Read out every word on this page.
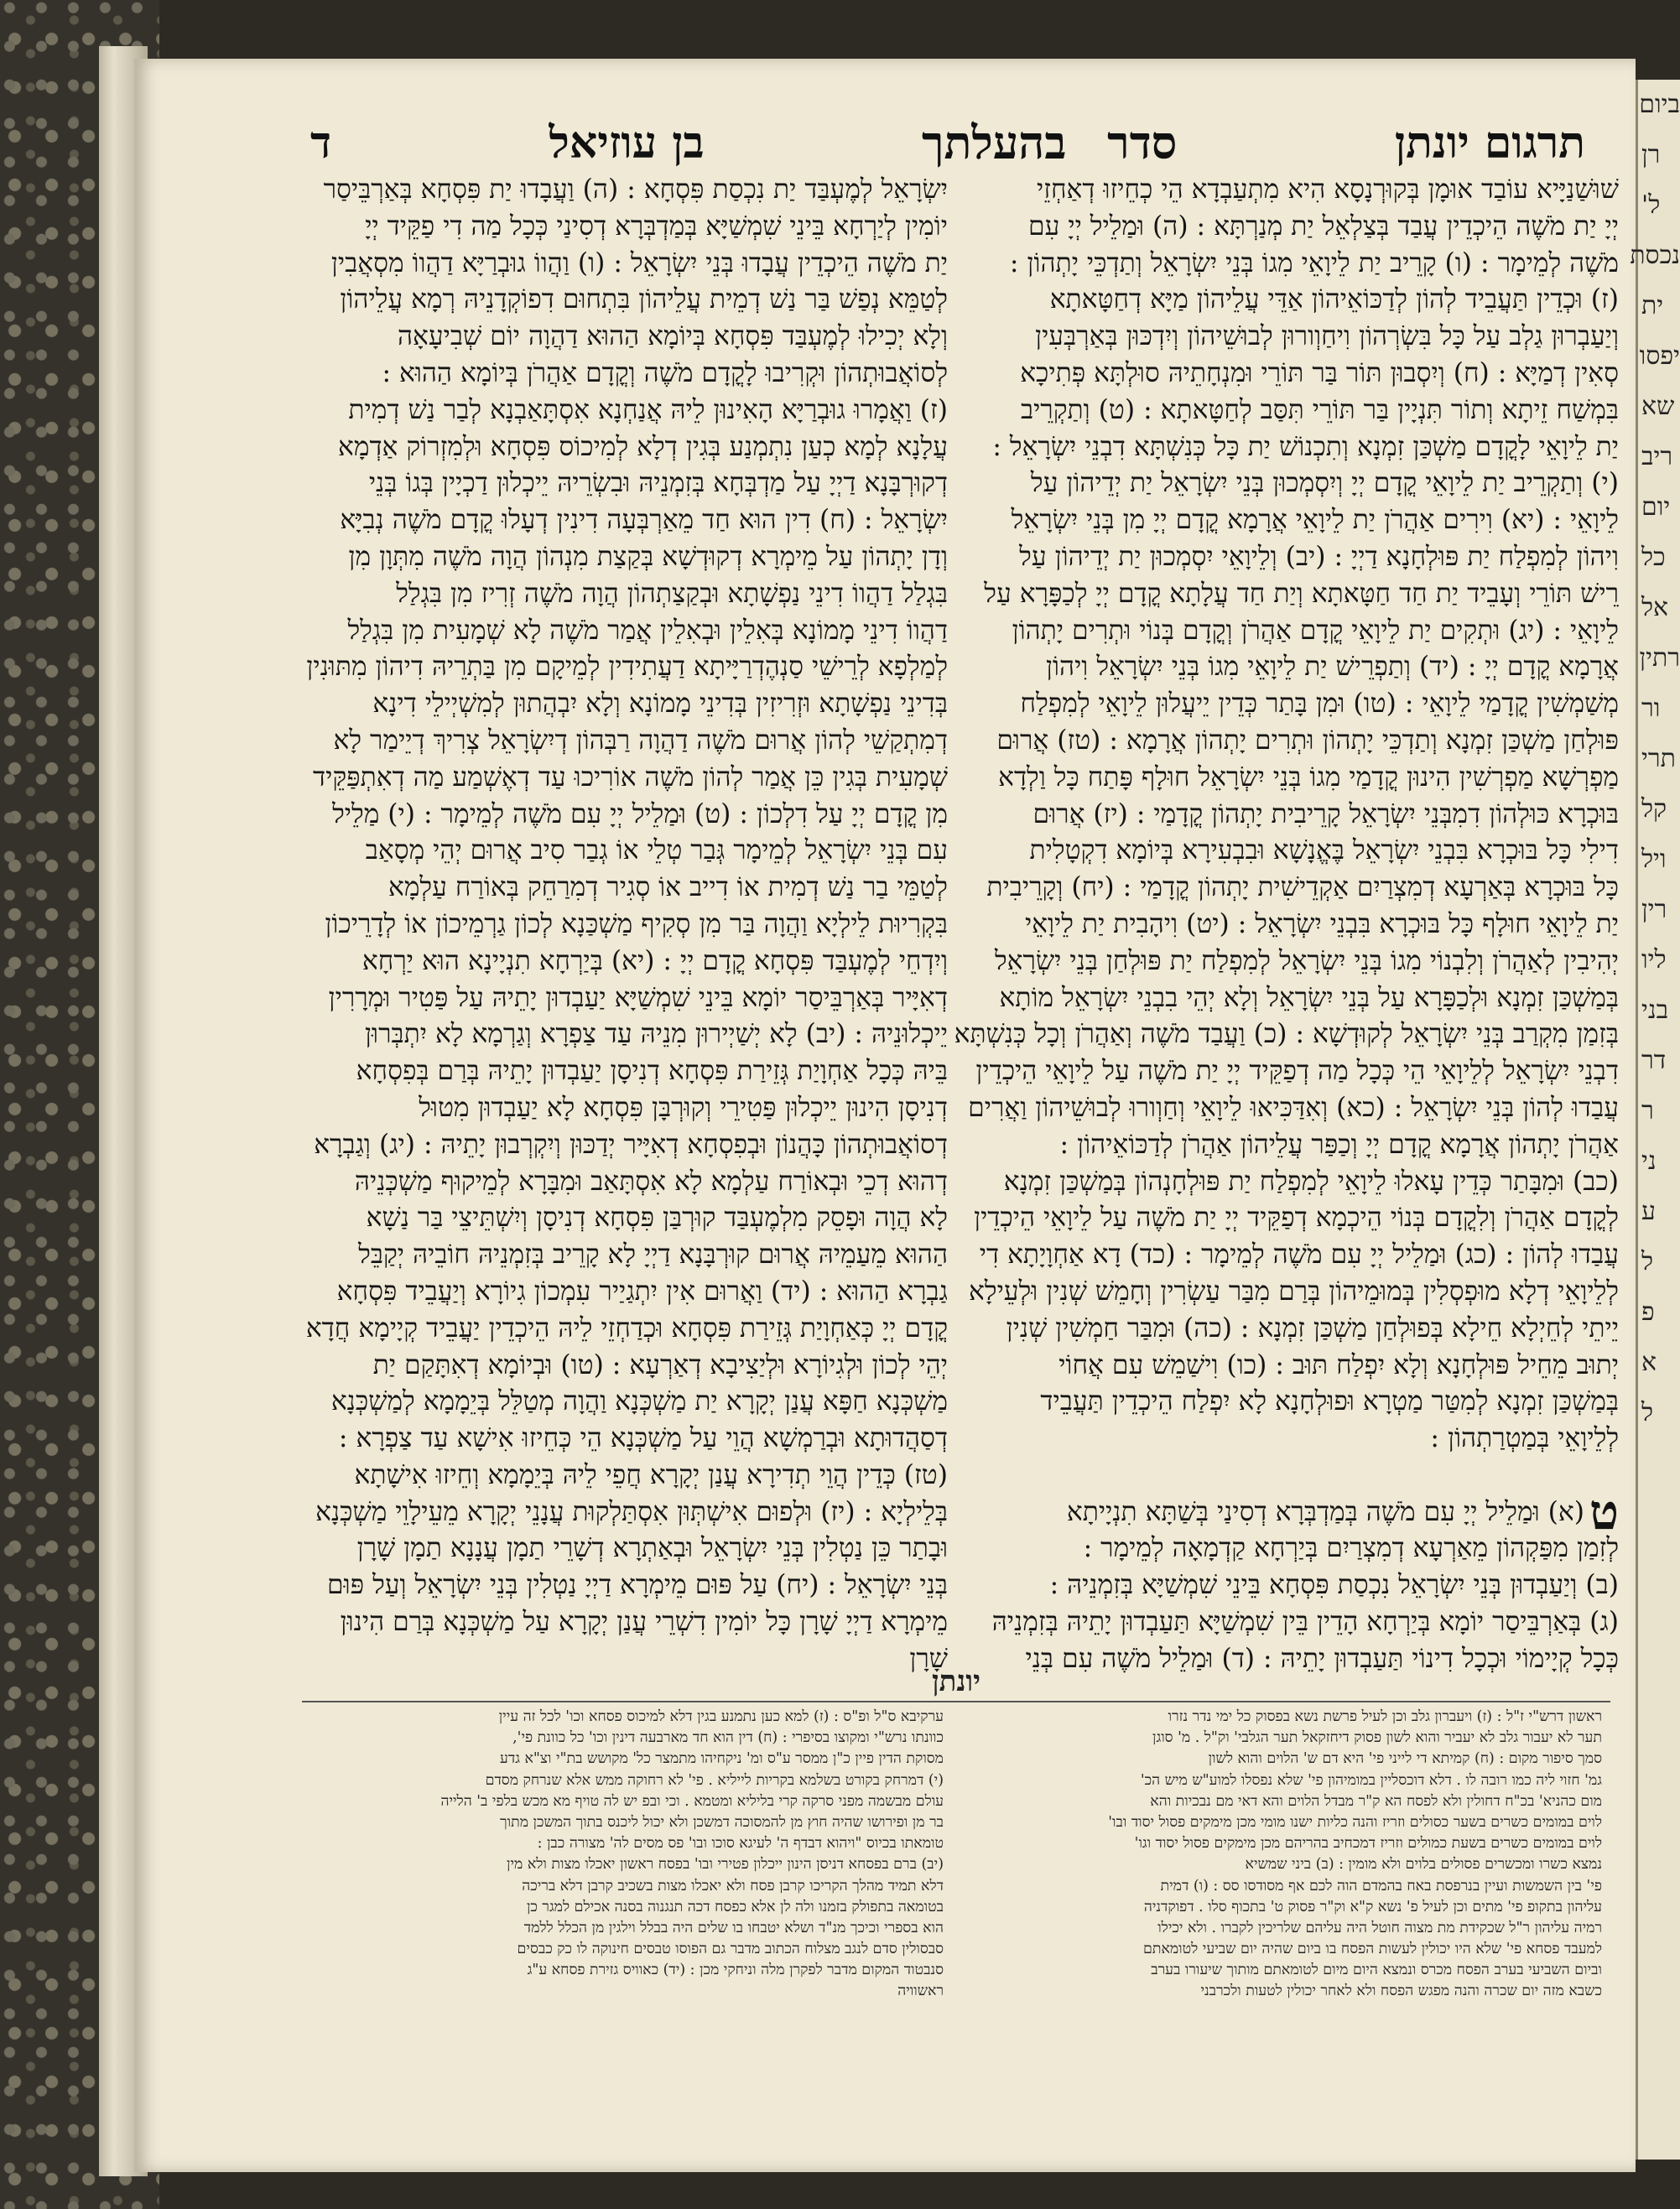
ביום
רן
ל'
נכסת
ית
יפסו
שא
ריב
יום
כל
אל
רתין
ור
תרי
קל
ויל
רין
ליו
בני
דר
ר
ני
ע
ל
פ
א
ל
תרגום יונתן
סדר בהעלתך
בן עוזיאל
ד
שׁוּשַׁנַיָּיא עוֹבַד אוּמָן בְּקוּרְנָסָא הִיא מִתְעַבְדָא הֵי כְחֵיזוּ דְאַחְזֵי
יְיָ יַת מֹשֶׁה הֵיכְדֵין עֲבַד בְּצַלְאֵל יַת מְנַרְתָּא : (ה) וּמַלֵיל יְיָ עִם
מֹשֶׁה לְמֵימָר : (ו) קָרֵיב יַת לֵיוָאֵי מִגוֹ בְּנֵי יִשְׂרָאֵל וְתַדְכֵּי יָתְהוֹן :
(ז) וּכְדֵין תַּעֲבֵיד לְהוֹן לְדַכּוֹאֵיהוֹן אַדֵּי עֲלֵיהוֹן מַיָּא דְחַטָּאתָא
וְיַעַבְרוּן גַלְב עַל כָּל בִּשְׂרְהוֹן וִיחַוְורוּן לְבוּשֵׁיהוֹן וְיִדְכּוּן בְּאַרְבְּעִין
סְאִין דְמַיָּא : (ח) וְיִסְבוּן תּוֹר בַּר תּוֹרֵי וּמִנְחָתֵיהּ סוּלְתָּא פְּתִיכָא
בִּמְשַׁח זֵיתָא וְתוֹר תִּנְיָין בַּר תּוֹרֵי תִּסַּב לְחַטָּאתָא : (ט) וְתַקְרֵיב
יַת לֵיוָאֵי לָקֳדָם מַשְׁכַּן זִמְנָא וְתִכְנוֹשׁ יַת כָּל כְּנִשְׁתָּא דִבְנֵי יִשְׂרָאֵל :
(י) וְתַקְרֵיב יַת לֵיוָאֵי קֳדָם יְיָ וְיִסְמְכוּן בְּנֵי יִשְׂרָאֵל יַת יְדֵיהוֹן עַל
לֵיוָאֵי : (יא) וִירִים אַהֲרֹן יַת לֵיוָאֵי אֲרָמָא קֳדָם יְיָ מִן בְּנֵי יִשְׂרָאֵל
וִיהוֹן לְמִפְלַח יַת פּוּלְחָנָא דַיְיָ : (יב) וְלֵיוָאֵי יִסְמְכוּן יַת יְדֵיהוֹן עַל
רֵישׁ תּוֹרֵי וְעָבֵיד יַת חַד חַטָּאתָא וְיַת חַד עֲלָתָא קֳדָם יְיָ לְכַפָּרָא עַל
לֵיוָאֵי : (יג) וּתְקִים יַת לֵיוָאֵי קֳדָם אַהֲרֹן וְקֳדָם בְּנוֹי וּתְרִים יָתְהוֹן
אֲרָמָא קֳדָם יְיָ : (יד) וְתַפְרֵישׁ יַת לֵיוָאֵי מִגוֹ בְּנֵי יִשְׂרָאֵל וִיהוֹן
מְשַׁמְשִׁין קֳדָמַי לֵיוָאֵי : (טו) וּמִן בָּתַר כְּדֵין יֵיעֲלוּן לֵיוָאֵי לְמִפְלַח
פּוּלְחַן מַשְׁכַּן זִמְנָא וְתַדְכֵּי יָתְהוֹן וּתְרִים יָתְהוֹן אֲרָמָא : (טז) אֲרוּם
מַפְרְשָׁא מַפְרְשִׁין הִינוּן קֳדָמַי מִגוֹ בְּנֵי יִשְׂרָאֵל חוּלָף פָּתַח כָּל וַלְדָא
בּוּכְרָא כּוּלְהוֹן דִמִבְּנֵי יִשְׂרָאֵל קָרֵיבִית יָתְהוֹן קֳדָמַי : (יז) אֲרוּם
דִילִי כָּל בּוּכְרָא בִּבְנֵי יִשְׂרָאֵל בֶּאֱנָשָׁא וּבִבְעִירָא בְּיוֹמָא דִקְטָלִית
כָּל בּוּכְרָא בְּאַרְעָא דְמִצְרַיִם אַקְדֵישִׁית יָתְהוֹן קֳדָמַי : (יח) וְקָרֵיבִית
יַת לֵיוָאֵי חוּלָף כָּל בּוּכְרָא בִּבְנֵי יִשְׂרָאֵל : (יט) וִיהָבִית יַת לֵיוָאֵי
יְהִיבִין לְאַהֲרֹן וְלִבְנוֹי מִגוֹ בְּנֵי יִשְׂרָאֵל לְמִפְלַח יַת פּוּלְחַן בְּנֵי יִשְׂרָאֵל
בְּמַשְׁכַּן זִמְנָא וּלְכַפָּרָא עַל בְּנֵי יִשְׂרָאֵל וְלָא יְהֵי בִבְנֵי יִשְׂרָאֵל מוֹתָא
בְּזִמַן מִקְרַב בְּנֵי יִשְׂרָאֵל לְקוּדְשָׁא : (כ) וַעֲבַד מֹשֶׁה וְאַהֲרֹן וְכָל כְּנִשְׁתָּא
דִבְנֵי יִשְׂרָאֵל לְלֵיוָאֵי הֵי כְּכָל מַה דְפַקֵּיד יְיָ יַת מֹשֶׁה עַל לֵיוָאֵי הֵיכְדֵין
עֲבַדוּ לְהוֹן בְּנֵי יִשְׂרָאֵל : (כא) וְאִדַּכִּיאוּ לֵיוָאֵי וְחַוְורוּ לְבוּשֵׁיהוֹן וַאֲרִים
אַהֲרֹן יָתְהוֹן אֲרָמָא קֳדָם יְיָ וְכַפַּר עֲלֵיהוֹן אַהֲרֹן לְדַכּוֹאֵיהוֹן :
(כב) וּמִבָּתַר כְּדֵין עָאלוּ לֵיוָאֵי לְמִפְלַח יַת פּוּלְחָנְהוֹן בְּמַשְׁכַּן זִמְנָא
לְקֳדָם אַהֲרֹן וְלִקֳדָם בְּנוֹי הֵיכְמָא דְפַקֵּיד יְיָ יַת מֹשֶׁה עַל לֵיוָאֵי הֵיכְדֵין
עֲבַדוּ לְהוֹן : (כג) וּמַלֵיל יְיָ עִם מֹשֶׁה לְמֵימָר : (כד) דָא אַחְוָיָתָא דִי
לְלֵיוָאֵי דְלָא מוּפְסְלִין בְּמוּמֵיהוֹן בְּרַם מִבַּר עַשְׂרִין וְחָמֵשׁ שְׁנִין וּלְעֵילָא
יֵיתֵי לְחֵיְלָא חֵילָא בְּפוּלְחַן מַשְׁכַּן זִמְנָא : (כה) וּמִבַּר חַמְשִׁין שְׁנִין
יְתוּב מֵחֵיל פּוּלְחָנָא וְלָא יִפְלַח תּוּב : (כו) וִישַׁמֵשׁ עִם אֲחוֹי
בְּמַשְׁכַּן זִמְנָא לְמִטַּר מַטְרָא וּפוּלְחָנָא לָא יִפְלַח הֵיכְדֵין תַּעֲבֵיד
לְלֵיוָאֵי בְּמַטְרַתְהוֹן :
ט(א) וּמַלֵיל יְיָ עִם מֹשֶׁה בְּמַדְבְּרָא דְסִינַי בְּשַׁתָּא תִנְיָיתָא
לְזִמַן מִפַּקְהוֹן מֵאַרְעָא דְמִצְרַיִם בְּיַרְחָא קַדְמָאָה לְמֵימָר :
(ב) וְיַעַבְדוּן בְּנֵי יִשְׂרָאֵל נִכְסַת פִּסְחָא בֵּינֵי שִׁמְשַׁיָּא בְּזִמְנֵיהּ :
(ג) בְּאַרְבֵּיסַר יוֹמָא בְּיַרְחָא הָדֵין בֵּין שִׁמְשַׁיָּא תַּעַבְדוּן יָתֵיהּ בְּזִמְנֵיהּ
כְּכָל קְיָימוֹי וּכְכָל דִינוֹי תַּעַבְדוּן יָתֵיהּ : (ד) וּמַלֵיל מֹשֶׁה עִם בְּנֵי
יִשְׂרָאֵל לְמֶעְבַּד יַת נִכְסַת פִּסְחָא : (ה) וַעֲבָדוּ יַת פִּסְחָא בְּאַרְבֵּיסַר
יוֹמִין לְיַרְחָא בֵּינֵי שִׁמְשַׁיָּא בְּמַדְבְּרָא דְסִינַי כְּכָל מַה דִי פַקֵּיד יְיָ
יַת מֹשֶׁה הֵיכְדֵין עֲבָדוּ בְּנֵי יִשְׂרָאֵל : (ו) וַהֲווֹ גוּבְרַיָּא דַהֲווֹ מִסְאֲבִין
לְטַמֵּא נְפַשׁ בַּר נַשׁ דְמֵית עֲלֵיהוֹן בִּתְחוּם דִפוֹקְדָנֵיהּ רְמָא עֲלֵיהוֹן
וְלָא יְכִילוּ לְמֶעְבַּד פִּסְחָא בְּיוֹמָא הַהוּא דַהֲוָה יוֹם שְׁבִיעָאָה
לְסוֹאֲבוּתְהוֹן וּקְרִיבוּ לָקֳדָם מֹשֶׁה וְקֳדָם אַהֲרֹן בְּיוֹמָא הַהוּא :
(ז) וַאֲמָרוּ גוּבְרַיָּא הָאִינוּן לֵיהּ אֲנַחְנָא אִסְתָּאַבְנָא לְבַר נַשׁ דְמִית
עֲלָנָא לְמָא כְעַן נִתְמְנַע בְּגִין דְלָא לְמִיכוֹס פִּסְחָא וּלְמִזְרוֹק אַדְמָא
דְקוּרְבָּנָא דַיְיָ עַל מַדְבְּחָא בְּזִמְנֵיהּ וּבִשְׂרֵיהּ יֵיכְלוּן דַכְיָין בְּגוֹ בְּנֵי
יִשְׂרָאֵל : (ח) דִין הוּא חַד מֵאַרְבְּעָה דִינִין דְעָלוּ קֳדָם מֹשֶׁה נְבִיָּא
וְדָן יָתְהוֹן עַל מֵימְרָא דְקוּדְשָׁא בְּקַצַת מִנְהוֹן הֲוָה מֹשֶׁה מִתְּוָן מִן
בִּגְלַל דַהֲווֹ דִינֵי נַפְשָׁתָא וּבְקַצַתְהוֹן הֲוָה מֹשֶׁה זְרִיז מִן בִּגְלַל
דַהֲווֹ דִינֵי מָמוֹנָא בְּאִלֵין וּבְאִלֵין אֲמַר מֹשֶׁה לָא שְׁמָעִית מִן בִּגְלַל
לְמַלְפָא לְרֵישֵׁי סַנְהֶדְרַיָּיתָא דַעֲתִידִין לְמֵיקָם מִן בַּתְרֵיהּ דִיהוֹן מִתּוּנִין
בְּדִינֵי נַפְשָׁתָא וּזְרִיזִין בְּדִינֵי מָמוֹנָא וְלָא יִבְהֲתוּן לְמִשְׁיְילֵי דִינָא
דְמִתְקַשֵׁי לְהוֹן אֲרוּם מֹשֶׁה דַהֲוָה רַבְּהוֹן דְיִשְׂרָאֵל צְרִיךְ דְיֵימַר לָא
שְׁמָעִית בְּגִין כֵּן אֲמַר לְהוֹן מֹשֶׁה אוֹרִיכוּ עַד דְאֶשְׁמַע מַה דְאִתְפַּקֵּיד
מִן קֳדָם יְיָ עַל דִלְכוֹן : (ט) וּמַלֵיל יְיָ עִם מֹשֶׁה לְמֵימָר : (י) מַלֵיל
עִם בְּנֵי יִשְׂרָאֵל לְמֵימָר גְּבַר טְלֵי אוֹ גְבַר סִיב אֲרוּם יְהֵי מְסָאַב
לְטַמֵּי בַר נַשׁ דְמִית אוֹ דִייב אוֹ סְגִיר דְמִרַחֵק בְּאוֹרַח עַלְמָא
בִּקְרִיוּת לֵילְיָא וַהֲוָה בַּר מִן סְקִיף מַשְׁכַּנָא לְכוֹן גַרְמֵיכוֹן אוֹ לְדָרֵיכוֹן
וְיִדְחֵי לְמֶעְבַּד פִּסְחָא קֳדָם יְיָ : (יא) בְּיַרְחָא תִנְיָינָא הוּא יַרְחָא
דְאִיָּיר בְּאַרְבֵּיסַר יוֹמָא בֵּינֵי שִׁמְשַׁיָּא יַעַבְדוּן יָתֵיהּ עַל פַּטִיר וּמְרָרִין
יֵיכְלוּנֵיהּ : (יב) לָא יְשַׁיְירוּן מִנֵיהּ עַד צַפְרָא וְגַרְמָא לָא יִתְבְּרוּן
בֵּיהּ כְּכָל אַחְוָיַת גְּזֵירַת פִּסְחָא דְנִיסָן יַעַבְדוּן יָתֵיהּ בְּרַם בְּפִסְחָא
דְנִיסָן הִינוּן יֵיכְלוּן פַּטִירֵי וְקוּרְבָּן פִּסְחָא לָא יַעַבְדוּן מִטוּל
דְסוֹאֲבוּתְהוֹן כָּהֲנוֹן וּבְפִסְחָא דְאִיָּיר יְדַכּוּן וְיִקְרְבוּן יָתֵיהּ : (יג) וְגַבְרָא
דְהוּא דְכֵי וּבְאוֹרַח עַלְמָא לָא אִסְתָּאַב וּמִבָּרָא לְמֵיקוּף מַשְׁכְּנֵיהּ
לָא הֲוָה וּפָסֵק מִלְמֶעְבַּד קוּרְבַּן פִּסְחָא דְנִיסָן וְיִשְׁתֵּיצֵי בַּר נַשָׁא
הַהוּא מֵעַמֵיהּ אֲרוּם קוּרְבָּנָא דַיְיָ לָא קָרֵיב בְּזִמְנֵיהּ חוֹבֵיהּ יְקַבֵּל
גַבְרָא הַהוּא : (יד) וַאֲרוּם אִין יִתְגַיַיר עִמְכוֹן גִיוֹרָא וְיַעֲבֵיד פִּסְחָא
קֳדָם יְיָ כְּאַחְוָיַת גְּזֵירַת פִּסְחָא וּכְדַחְזֵי לֵיהּ הֵיכְדֵין יַעֲבֵיד קְיָימָא חֲדָא
יְהֵי לְכוֹן וּלְגִיוֹרָא וּלְיַצִיבָא דְאַרְעָא : (טו) וּבְיוֹמָא דְאִתָּקַם יַת
מַשְׁכְּנָא חַפָּא עֲנַן יְקָרָא יַת מַשְׁכְּנָא וַהֲוָה מְטַלֵּל בְּיֵמָמָא לְמַשְׁכְּנָא
דְסַהֲדוּתָא וּבְרַמְשָׁא הֲוֵי עַל מַשְׁכְּנָא הֵי כְּחֵיזוּ אִישָׁא עַד צַפְרָא :
(טז) כְּדֵין הֲוֵי תְדִירָא עֲנַן יְקָרָא חֲפֵי לֵיהּ בְּיֵמָמָא וְחֵיזוּ אִישָׁתָא
בְּלֵילְיָא : (יז) וּלְפוּם אִישְׁתְּוּן אִסְתַּלְקוּת עֲנָנֵי יְקָרָא מֵעֵילָוֵי מַשְׁכְּנָא
וּבָתַר כֵּן נַטְלִין בְּנֵי יִשְׂרָאֵל וּבְאַתְרָא דְשָׁרֵי תַמָן עֲנָנָא תַמָן שָׁרָן
בְּנֵי יִשְׂרָאֵל : (יח) עַל פּוּם מֵימְרָא דַיְיָ נַטְלִין בְּנֵי יִשְׂרָאֵל וְעַל פּוּם
מֵימְרָא דַיְיָ שָׁרָן כָּל יוֹמִין דִשְׁרֵי עֲנַן יְקָרָא עַל מַשְׁכְּנָא בְּרַם הִינוּן
שָׁרָן
יונתן
ראשון דרש"י ז"ל : (ז) ויעברון גלב וכן לעיל פרשת נשא בפסוק כל ימי נדר נזרו
תער לא יעבור גלב לא יעביר והוא לשון פסוק דיחזקאל תער הגלבי' וק"ל . מ' סוגן
סמך סיפור מקום : (ח) קמיתא די לייני פי' היא דם ש' הלוים והוא לשון
גמ' חזוי ליה כמו רובה לו . דלא דוכסליין במומיהון פי' שלא נפסלו למוע"ש מיש הכ'
מום כהניא' בכ"ח דחולין ולא לפסח הא ק"ר מבדל הלוים והא דאי מם נבכיות והא
לוים במומים כשרים בשער כסולים וזריז והנה כליות ישנו מומי מכן מימקים פסול יסוד ובו'
לוים במומים כשרים בשעת כמולים וזריז דמכחיב בהריהם מכן מימקים פסול יסוד וגו'
נמצא כשרו ומכשרים פסולים בלוים ולא מומין : (ב) ביני שמשיא
פי' בין השמשות ועיין בנרפסת באח בהמדם הוה לכם אף מסודסו סס : (ו) דמית
עליהון בתקופ פי' מתים וכן לעיל פ' נשא ק"א וק"ר פסוק ט' בתכוף סלו . דפוקדניה
רמיה עליהון ר"ל שכקידת מת מצוה חוטל היה עליהם שלריכין לקברו . ולא יכילו
למעבד פסחא פי' שלא היו יכולין לעשות הפסח בו ביום שהיה יום שביעי לטומאתם
וביום השביעי בערב הפסח מכרס ונמצא היום מיום לטומאתם מותוך שיעורו בערב
כשבא מזה יום שכרה והנה מפגש הפסח ולא לאחר יכולין לטעות ולכרבני
ערקיבא ס"ל ופ"ס : (ז) למא כען נתמנע בגין דלא למיכוס פסחא וכו' לכל זה עיין
כוונתו נרש"י ומקוצו בסיפרי : (ח) דין הוא חד מארבעה דינין וכו' כל כוונת פי',
מסוקת הדין פיין כ"ן ממסר ע"ס ומ' ניקחיהו מתמצר כל' מקושש בת"י וצ"א גדע
(י) דמרחק בקורט בשלמא בקריות לייליא . פי' לא רחוקה ממש אלא שנרחק מסדם
עולם מבשמה מפני סרקה קרי בליליא ומטמא . וכי ובפ יש לה טויף מא מכש בלפי ב' הלייה
בר מן ופירושו שהיה חוץ מן להמסוכה דמשכן ולא יכול ליכנס בתוך המשכן מתוך
טומאתו בכיוס "ויהוא דבדף ה' לעיגא סוכו ובו' פס מסים לה' מצורה כבן :
(יב) ברם בפסחא דניסן הינון ייכלון פטירי ובו' בפסח ראשון יאכלו מצות ולא מין
דלא תמיד מהלך הקריכו קרבן פסח ולא יאכלו מצות בשכיב קרבן דלא בריכה
בטומאה בתפולק בזמנו ולה לן אלא כפסח דכה תנגנוה בסנה אכילם למגר כן
הוא בספרי וכיכך מנ"ד ושלא יטבחו בו שלים היה בבלל וילגין מן הכלל ללמד
סבסולין סדם לנגב מצלוח הכתוב מדבר גם הפוסו טבסים חינוקה לו כק כבסים
סנבטוד המקום מדבר לפקרן מלה וניחקי מכן : (יד) כאוויס גזירת פסחא ע"ג
ראשוויה
